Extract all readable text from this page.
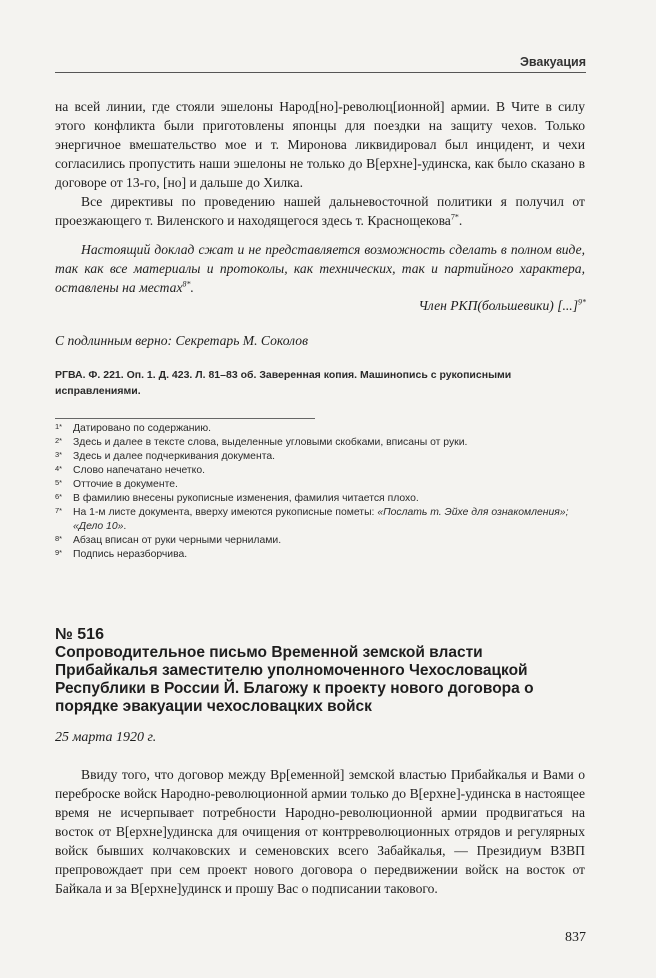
Эвакуация
на всей линии, где стояли эшелоны Народ[но]-революц[ионной] армии. В Чите в силу этого конфликта были приготовлены японцы для поездки на защиту чехов. Только энергичное вмешательство мое и т. Миронова ликвидировал был инцидент, и чехи согласились пропустить наши эшелоны не только до В[ерхне]-удинска, как было сказано в договоре от 13-го, [но] и дальше до Хилка.
Все директивы по проведению нашей дальневосточной политики я получил от проезжающего т. Виленского и находящегося здесь т. Краснощекова$^{7*}$.
Настоящий доклад сжат и не представляется возможность сделать в полном виде, так как все материалы и протоколы, как технических, так и партийного характера, оставлены на местах$^{8*}$.
Член РКП(большевики) [...]$^{9*}$
С подлинным верно: Секретарь М. Соколов
РГВА. Ф. 221. Оп. 1. Д. 423. Л. 81–83 об. Заверенная копия. Машинопись с рукописными исправлениями.
1* Датировано по содержанию.
2* Здесь и далее в тексте слова, выделенные угловыми скобками, вписаны от руки.
3* Здесь и далее подчеркивания документа.
4* Слово напечатано нечетко.
5* Отточие в документе.
6* В фамилию внесены рукописные изменения, фамилия читается плохо.
7* На 1-м листе документа, вверху имеются рукописные пометы: «Послать т. Эйхе для ознакомления»; «Дело 10».
8* Абзац вписан от руки черными чернилами.
9* Подпись неразборчива.
№ 516
Сопроводительное письмо Временной земской власти Прибайкалья заместителю уполномоченного Чехословацкой Республики в России Й. Благожу к проекту нового договора о порядке эвакуации чехословацких войск
25 марта 1920 г.
Ввиду того, что договор между Вр[еменной] земской властью Прибайкалья и Вами о переброске войск Народно-революционной армии только до В[ерхне]-удинска в настоящее время не исчерпывает потребности Народно-революционной армии продвигаться на восток от В[ерхне]удинска для очищения от контрреволюционных отрядов и регулярных войск бывших колчаковских и семеновских всего Забайкалья, — Президиум ВЗВП препровождает при сем проект нового договора о передвижении войск на восток от Байкала и за В[ерхне]удинск и прошу Вас о подписании такового.
837
